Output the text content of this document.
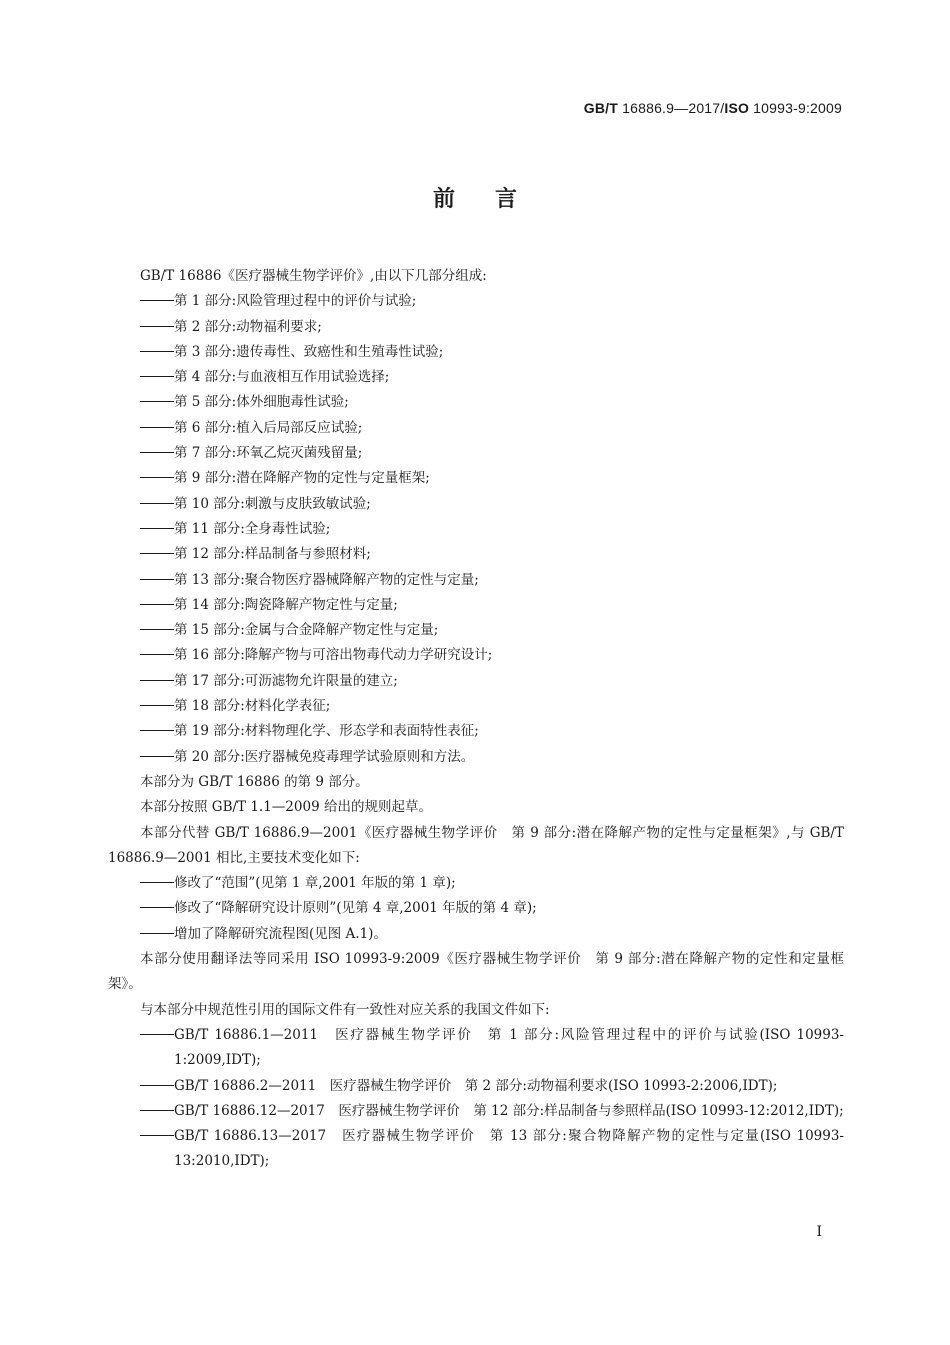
GB/T 16886.9—2017/ISO 10993-9:2009
前言

GB/T 16886《医疗器械生物学评价》,由以下几部分组成:

第 1 部分:风险管理过程中的评价与试验;

第 2 部分:动物福利要求;

第 3 部分:遗传毒性、致癌性和生殖毒性试验;

第 4 部分:与血液相互作用试验选择;

第 5 部分:体外细胞毒性试验;

第 6 部分:植入后局部反应试验;

第 7 部分:环氧乙烷灭菌残留量;

第 9 部分:潜在降解产物的定性与定量框架;

第 10 部分:刺激与皮肤致敏试验;

第 11 部分:全身毒性试验;

第 12 部分:样品制备与参照材料;

第 13 部分:聚合物医疗器械降解产物的定性与定量;

第 14 部分:陶瓷降解产物定性与定量;

第 15 部分:金属与合金降解产物定性与定量;

第 16 部分:降解产物与可溶出物毒代动力学研究设计;

第 17 部分:可沥滤物允许限量的建立;

第 18 部分:材料化学表征;

第 19 部分:材料物理化学、形态学和表面特性表征;

第 20 部分:医疗器械免疫毒理学试验原则和方法。

本部分为 GB/T 16886 的第 9 部分。

本部分按照 GB/T 1.1—2009 给出的规则起草。

本部分代替 GB/T 16886.9—2001《医疗器械生物学评价　第 9 部分:潜在降解产物的定性与定量框架》,与 GB/T 16886.9—2001 相比,主要技术变化如下:

修改了“范围”(见第 1 章,2001 年版的第 1 章);

修改了“降解研究设计原则”(见第 4 章,2001 年版的第 4 章);

增加了降解研究流程图(见图 A.1)。

本部分使用翻译法等同采用 ISO 10993-9:2009《医疗器械生物学评价　第 9 部分:潜在降解产物的定性和定量框架》。

与本部分中规范性引用的国际文件有一致性对应关系的我国文件如下:

GB/T 16886.1—2011　医疗器械生物学评价　第 1 部分:风险管理过程中的评价与试验(ISO 10993-1:2009,IDT);

GB/T 16886.2—2011　医疗器械生物学评价　第 2 部分:动物福利要求(ISO 10993-2:2006,IDT);

GB/T 16886.12—2017　医疗器械生物学评价　第 12 部分:样品制备与参照样品(ISO 10993-12:2012,IDT);

GB/T 16886.13—2017　医疗器械生物学评价　第 13 部分:聚合物降解产物的定性与定量(ISO 10993-13:2010,IDT);

I
